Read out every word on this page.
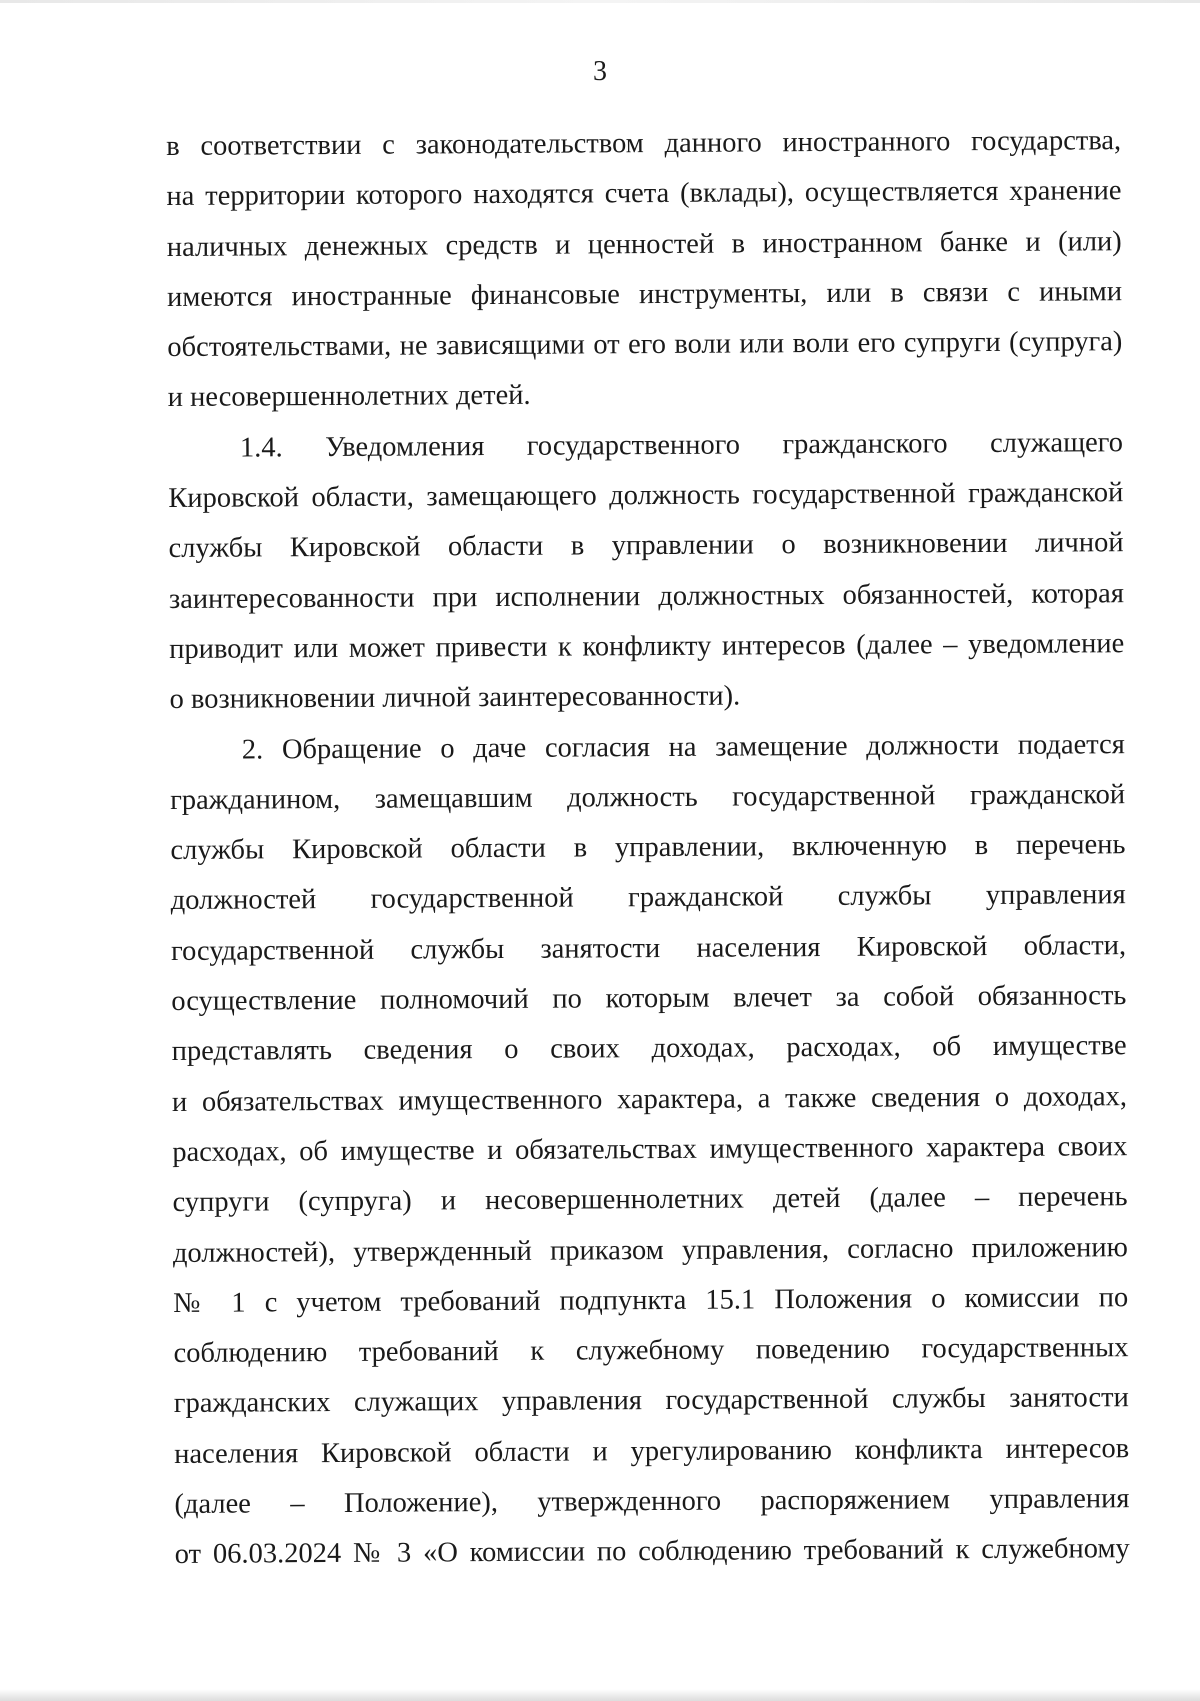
3
в соответствии с законодательством данного иностранного государства,
на территории которого находятся счета (вклады), осуществляется хранение
наличных денежных средств и ценностей в иностранном банке и (или)
имеются иностранные финансовые инструменты, или в связи с иными
обстоятельствами, не зависящими от его воли или воли его супруги (супруга)
и несовершеннолетних детей.
1.4. Уведомления государственного гражданского служащего
Кировской области, замещающего должность государственной гражданской
службы Кировской области в управлении о возникновении личной
заинтересованности при исполнении должностных обязанностей, которая
приводит или может привести к конфликту интересов (далее – уведомление
о возникновении личной заинтересованности).
2. Обращение о даче согласия на замещение должности подается
гражданином, замещавшим должность государственной гражданской
службы Кировской области в управлении, включенную в перечень
должностей государственной гражданской службы управления
государственной службы занятости населения Кировской области,
осуществление полномочий по которым влечет за собой обязанность
представлять сведения о своих доходах, расходах, об имуществе
и обязательствах имущественного характера, а также сведения о доходах,
расходах, об имуществе и обязательствах имущественного характера своих
супруги (супруга) и несовершеннолетних детей (далее – перечень
должностей), утвержденный приказом управления, согласно приложению
№ 1 с учетом требований подпункта 15.1 Положения о комиссии по
соблюдению требований к служебному поведению государственных
гражданских служащих управления государственной службы занятости
населения Кировской области и урегулированию конфликта интересов
(далее – Положение), утвержденного распоряжением управления
от 06.03.2024 № 3 «О комиссии по соблюдению требований к служебному
